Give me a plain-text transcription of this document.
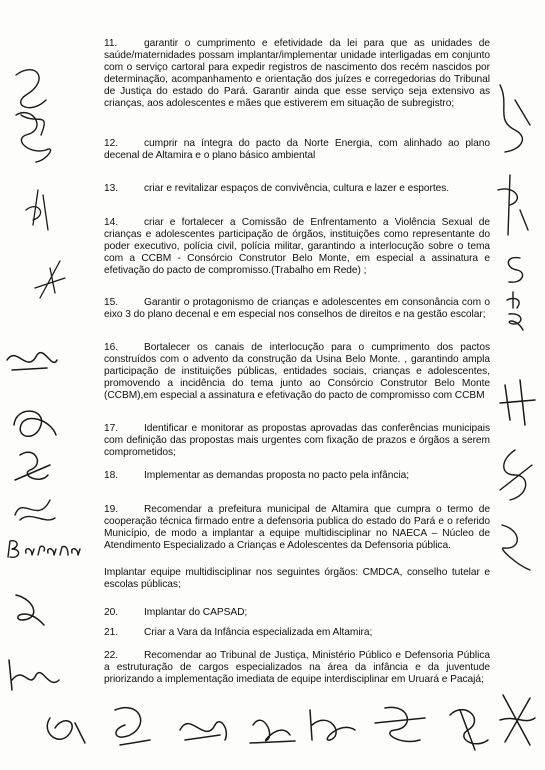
11.	garantir o cumprimento e efetividade da lei para que as unidades de saúde/maternidades possam implantar/implementar unidade interligadas em conjunto com o serviço cartoral para expedir registros de nascimento dos recém nascidos por determinação, acompanhamento e orientação dos juízes e corregedorias do Tribunal de Justiça do estado do Pará. Garantir ainda que esse serviço seja extensivo as crianças, aos adolescentes e mães que estiverem em situação de subregistro;
12.	cumprir na íntegra do pacto da Norte Energia, com alinhado ao plano decenal de Altamira e o plano básico ambiental
13.	criar e revitalizar espaços de convivência, cultura e lazer e esportes.
14.	criar e fortalecer a Comissão de Enfrentamento a Violência Sexual de crianças e adolescentes participação de órgãos, instituições como representante do poder executivo, polícia civil, polícia militar, garantindo a interlocução sobre o tema com a CCBM - Consórcio Construtor Belo Monte, em especial a assinatura e efetivação do pacto de compromisso.(Trabalho em Rede) ;
15.	Garantir o protagonismo de crianças e adolescentes em consonância com o eixo 3 do plano decenal e em especial nos conselhos de direitos e na gestão escolar;
16.	Bortalecer os canais de interlocução para o cumprimento dos pactos construídos com o advento da construção da Usina Belo Monte. , garantindo ampla participação de instituições públicas, entidades sociais, crianças e adolescentes, promovendo a incidência do tema junto ao Consórcio Construtor Belo Monte (CCBM),em especial a assinatura e efetivação do pacto de compromisso com CCBM
17.	Identificar e monitorar as propostas aprovadas das conferências municipais com definição das propostas mais urgentes com fixação de prazos e órgãos a serem comprometidos;
18.	Implementar as demandas proposta no pacto pela infância;
19.	Recomendar a prefeitura municipal de Altamira que cumpra o termo de cooperação técnica firmado entre a defensoria publica do estado do Pará e o referido Município, de modo a implantar a equipe multidisciplinar no NAECA – Núcleo de Atendimento Especializado a Crianças e Adolescentes da Defensoria pública.
Implantar equipe multidisciplinar nos seguintes órgãos: CMDCA, conselho tutelar e escolas públicas;
20.	Implantar do CAPSAD;
21.	Criar a Vara da Infância especializada em Altamira;
22.	Recomendar ao Tribunal de Justiça, Ministério Público e Defensoria Pública a estruturação de cargos especializados na área da infância e da juventude priorizando a implementação imediata de equipe interdisciplinar em Uruará e Pacajá;
